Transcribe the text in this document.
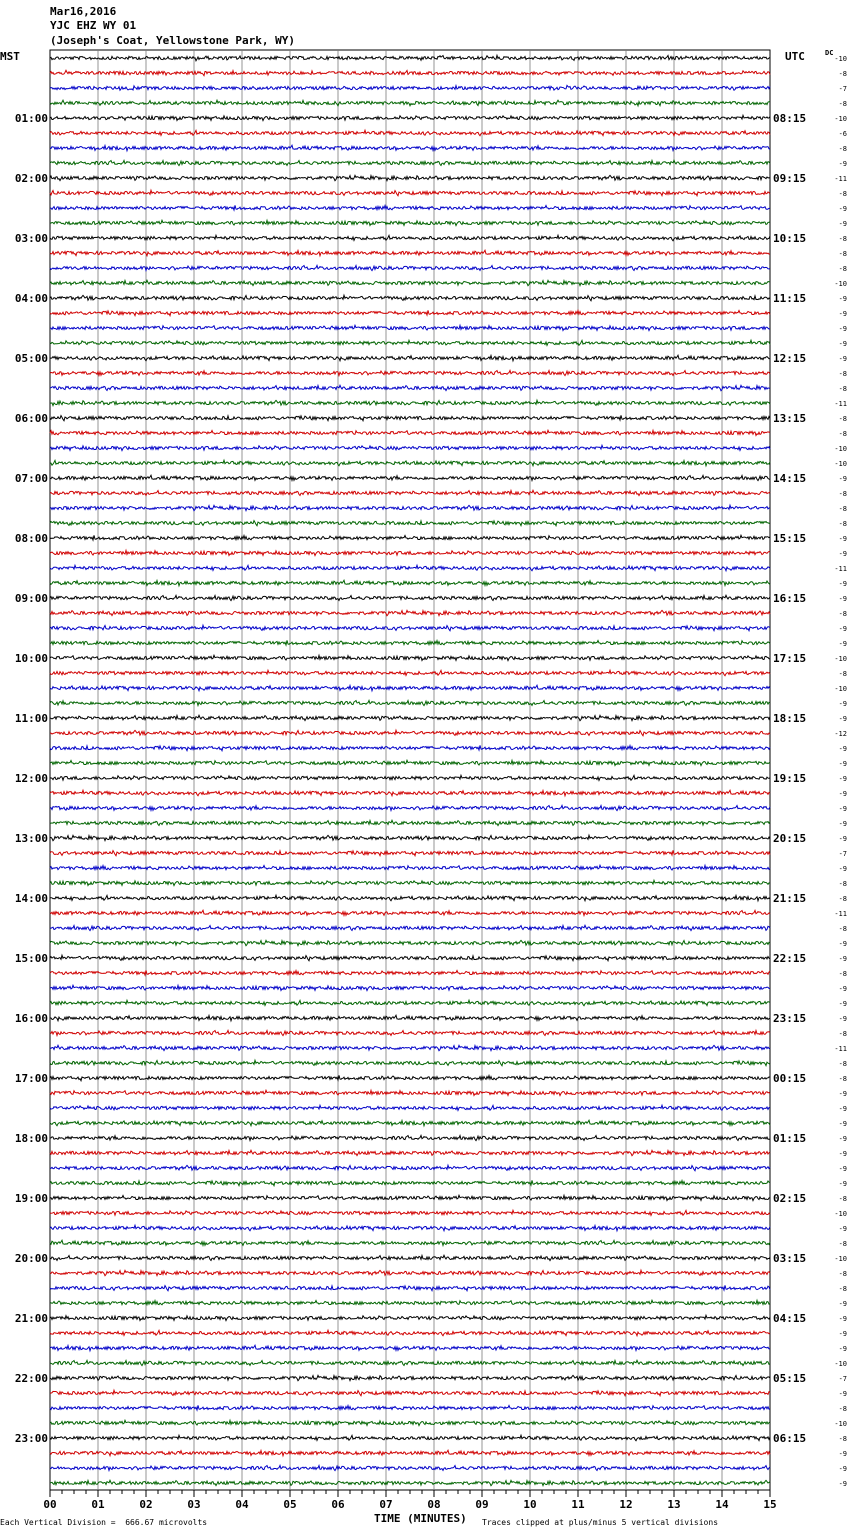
Mar16,2016
YJC EHZ WY 01
(Joseph's Coat, Yellowstone Park, WY)
MST	UTC	DC
-10
-8
-7
-8
-10
-6
-8
-9
-11
-8
-9
-9
-8
-8
-8
-10
-9
-9
-9
-9
-9
-8
-8
-11
-8
-8
-10
-10
-9
-8
-8
-8
-9
-9
-11
-9
-9
-8
-9
-9
-10
-8
-10
-9
-9
-12
-9
-9
-9
-9
-9
-9
-9
-7
-9
-8
-8
-11
-8
-9
-9
-8
-9
-9
-9
-8
-11
-8
-8
-9
-9
-9
-9
-9
-9
-9
-8
-10
-9
-8
-10
-8
-8
-9
-9
-9
-9
-10
-7
-9
-8
-10
-8
-9
-9
-9
01:00
02:00
03:00
04:00
05:00
06:00
07:00
08:00
09:00
10:00
11:00
12:00
13:00
14:00
15:00
16:00
17:00
18:00
19:00
20:00
21:00
22:00
23:00
08:15
09:15
10:15
11:15
12:15
13:15
14:15
15:15
16:15
17:15
18:15
19:15
20:15
21:15
22:15
23:15
00:15
01:15
02:15
03:15
04:15
05:15
06:15
00	01	02	03	04	05	06	07	08	09	10	11	12	13	14	15
Each Vertical Division =  666.67 microvolts	TIME (MINUTES) Traces clipped at plus/minus 5 vertical divisions
